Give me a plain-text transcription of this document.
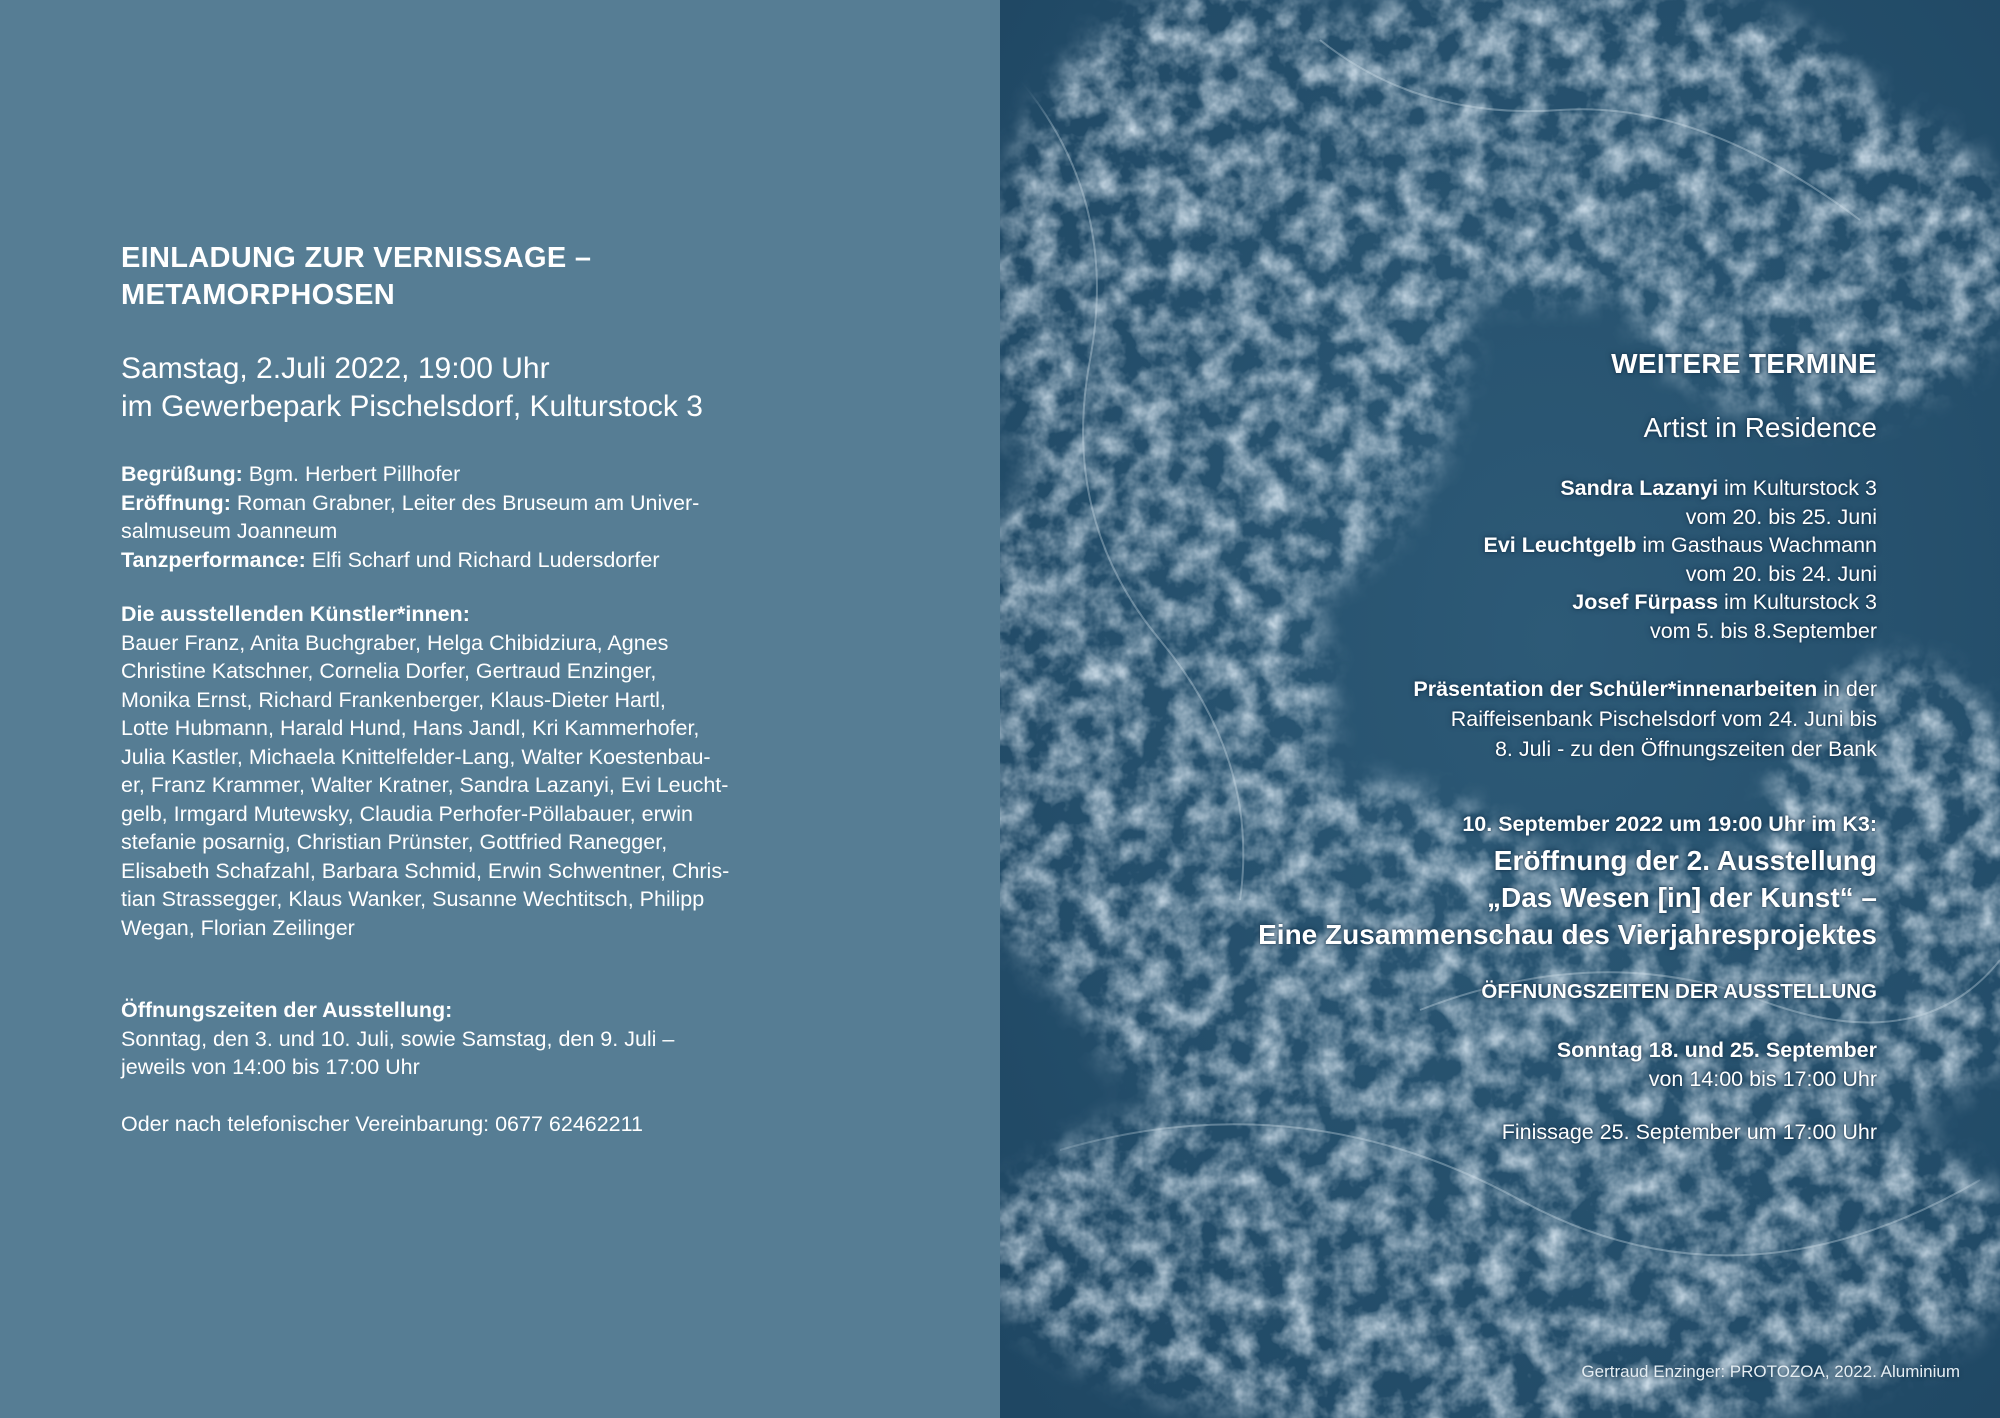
EINLADUNG ZUR VERNISSAGE –
METAMORPHOSEN
Samstag, 2.Juli 2022, 19:00 Uhr
im Gewerbepark Pischelsdorf, Kulturstock 3
Begrüßung: Bgm. Herbert Pillhofer
Eröffnung: Roman Grabner, Leiter des Bruseum am Univer-
salmuseum Joanneum
Tanzperformance: Elfi Scharf und Richard Ludersdorfer
Die ausstellenden Künstler*innen:
Bauer Franz, Anita Buchgraber, Helga Chibidziura, Agnes
Christine Katschner, Cornelia Dorfer, Gertraud Enzinger,
Monika Ernst, Richard Frankenberger, Klaus-Dieter Hartl,
Lotte Hubmann, Harald Hund, Hans Jandl, Kri Kammerhofer,
Julia Kastler, Michaela Knittelfelder-Lang, Walter Koestenbau-
er, Franz Krammer, Walter Kratner, Sandra Lazanyi, Evi Leucht-
gelb, Irmgard Mutewsky, Claudia Perhofer-Pöllabauer, erwin
stefanie posarnig, Christian Prünster, Gottfried Ranegger,
Elisabeth Schafzahl, Barbara Schmid, Erwin Schwentner, Chris-
tian Strassegger, Klaus Wanker, Susanne Wechtitsch, Philipp
Wegan, Florian Zeilinger
Öffnungszeiten der Ausstellung:
Sonntag, den 3. und 10. Juli, sowie Samstag, den 9. Juli –
jeweils von 14:00 bis 17:00 Uhr
Oder nach telefonischer Vereinbarung: 0677 62462211
WEITERE TERMINE
Artist in Residence
Sandra Lazanyi im Kulturstock 3
vom 20. bis 25. Juni
Evi Leuchtgelb im Gasthaus Wachmann
vom 20. bis 24. Juni
Josef Fürpass im Kulturstock 3
vom 5. bis 8.September
Präsentation der Schüler*innenarbeiten in der
Raiffeisenbank Pischelsdorf vom 24. Juni bis
8. Juli - zu den Öffnungszeiten der Bank
10. September 2022 um 19:00 Uhr im K3:
Eröffnung der 2. Ausstellung
„Das Wesen [in] der Kunst“ –
Eine Zusammenschau des Vierjahresprojektes
ÖFFNUNGSZEITEN DER AUSSTELLUNG
Sonntag 18. und 25. September
von 14:00 bis 17:00 Uhr
Finissage 25. September um 17:00 Uhr
Gertraud Enzinger: PROTOZOA, 2022. Aluminium
